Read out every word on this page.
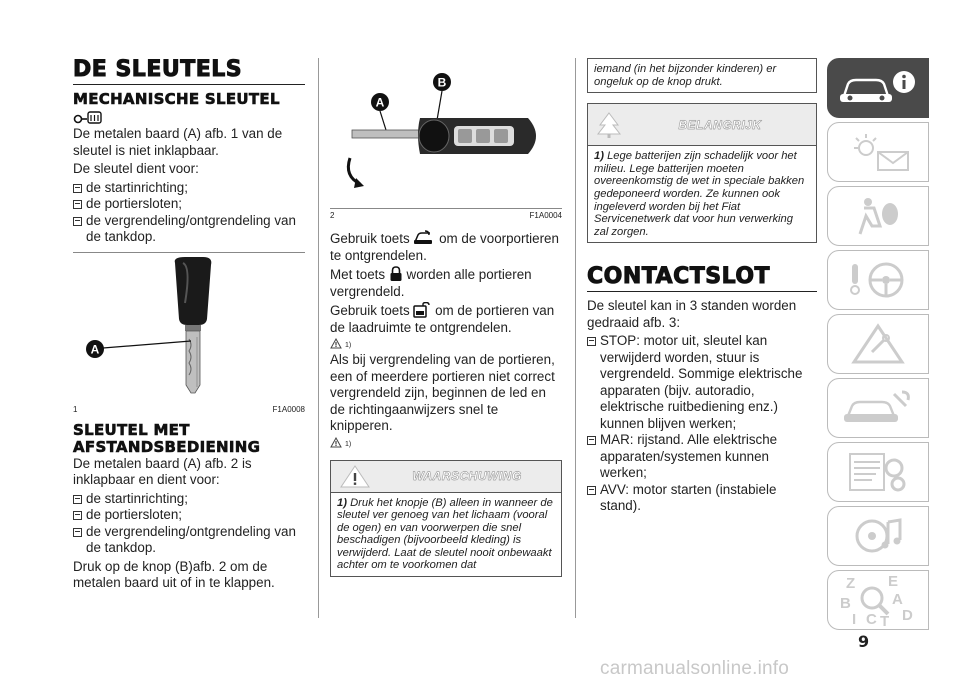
DE SLEUTELS
MECHANISCHE SLEUTEL

De metalen baard (A) afb. 1 van de sleutel is niet inklapbaar.

De sleutel dient voor:

de startinrichting;
de portiersloten;
de vergrendeling/ontgrendeling van de tankdop.
A
1	F1A0008
SLEUTEL MET AFSTANDSBEDIENING

De metalen baard (A) afb. 2 is inklapbaar en dient voor:

de startinrichting;
de portiersloten;
de vergrendeling/ontgrendeling van de tankdop.

Druk op de knop (B)afb. 2 om de metalen baard uit of in te klappen.

B
A
2	F1A0004

Gebruik toets om de voorportieren te ontgrendelen.

Met toets worden alle portieren vergrendeld.

Gebruik toets om de portieren van de laadruimte te ontgrendelen.

1)

Als bij vergrendeling van de portieren, een of meerdere portieren niet correct vergrendeld zijn, beginnen de led en de richtingaanwijzers snel te knipperen.

1)
WAARSCHUWING
1) Druk het knopje (B) alleen in wanneer de sleutel ver genoeg van het lichaam (vooral de ogen) en van voorwerpen die snel beschadigen (bijvoorbeeld kleding) is verwijderd. Laat de sleutel nooit onbewaakt achter om te voorkomen dat
iemand (in het bijzonder kinderen) er ongeluk op de knop drukt.
BELANGRIJK
1) Lege batterijen zijn schadelijk voor het milieu. Lege batterijen moeten overeenkomstig de wet in speciale bakken gedeponeerd worden. Ze kunnen ook ingeleverd worden bij het Fiat Servicenetwerk dat voor hun verwerking zal zorgen.
CONTACTSLOT

De sleutel kan in 3 standen worden gedraaid afb. 3:

STOP: motor uit, sleutel kan verwijderd worden, stuur is vergrendeld. Sommige elektrische apparaten (bijv. autoradio, elektrische ruitbediening enz.) kunnen blijven werken;
MAR: rijstand. Alle elektrische apparaten/systemen kunnen werken;
AVV: motor starten (instabiele stand).
Z E
B	A
I C T D
9
carmanualsonline.info
